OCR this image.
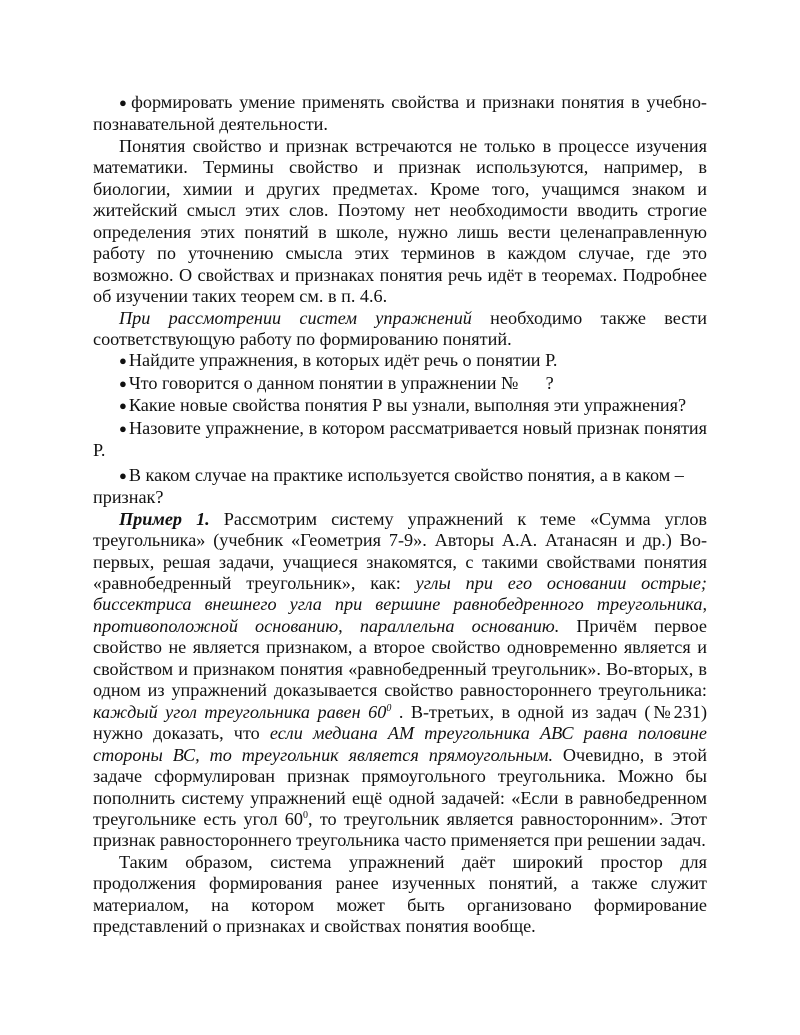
● формировать умение применять свойства и признаки понятия в учебно-познавательной деятельности.

Понятия свойство и признак встречаются не только в процессе изучения математики. Термины свойство и признак используются, например, в биологии, химии и других предметах. Кроме того, учащимся знаком и житейский смысл этих слов. Поэтому нет необходимости вводить строгие определения этих понятий в школе, нужно лишь вести целенаправленную работу по уточнению смысла этих терминов в каждом случае, где это возможно. О свойствах и признаках понятия речь идёт в теоремах. Подробнее об изучении таких теорем см. в п. 4.6.

При рассмотрении систем упражнений необходимо также вести соответствующую работу по формированию понятий.

● Найдите упражнения, в которых идёт речь о понятии Р.

● Что говорится о данном понятии в упражнении №      ?

● Какие новые свойства понятия Р вы узнали, выполняя эти упражнения?

● Назовите упражнение, в котором рассматривается новый признак понятия Р.

● В каком случае на практике используется свойство понятия, а в каком – признак?

Пример 1. Рассмотрим систему упражнений к теме «Сумма углов треугольника» (учебник «Геометрия 7-9». Авторы А.А. Атанасян и др.) Во-первых, решая задачи, учащиеся знакомятся, с такими свойствами понятия «равнобедренный треугольник», как: углы при его основании острые; биссектриса внешнего угла при вершине равнобедренного треугольника, противоположной основанию, параллельна основанию. Причём первое свойство не является признаком, а второе свойство одновременно является и свойством и признаком понятия «равнобедренный треугольник». Во-вторых, в одном из упражнений доказывается свойство равностороннего треугольника: каждый угол треугольника равен $60^0$ . В-третьих, в одной из задач (№231) нужно доказать, что если медиана АМ треугольника АВС равна половине стороны ВС, то треугольник является прямоугольным. Очевидно, в этой задаче сформулирован признак прямоугольного треугольника. Можно бы пополнить систему упражнений ещё одной задачей: «Если в равнобедренном треугольнике есть угол $60^0$, то треугольник является равносторонним». Этот признак равностороннего треугольника часто применяется при решении задач.

Таким образом, система упражнений даёт широкий простор для продолжения формирования ранее изученных понятий, а также служит материалом, на котором может быть организовано формирование представлений о признаках и свойствах понятия вообще.
